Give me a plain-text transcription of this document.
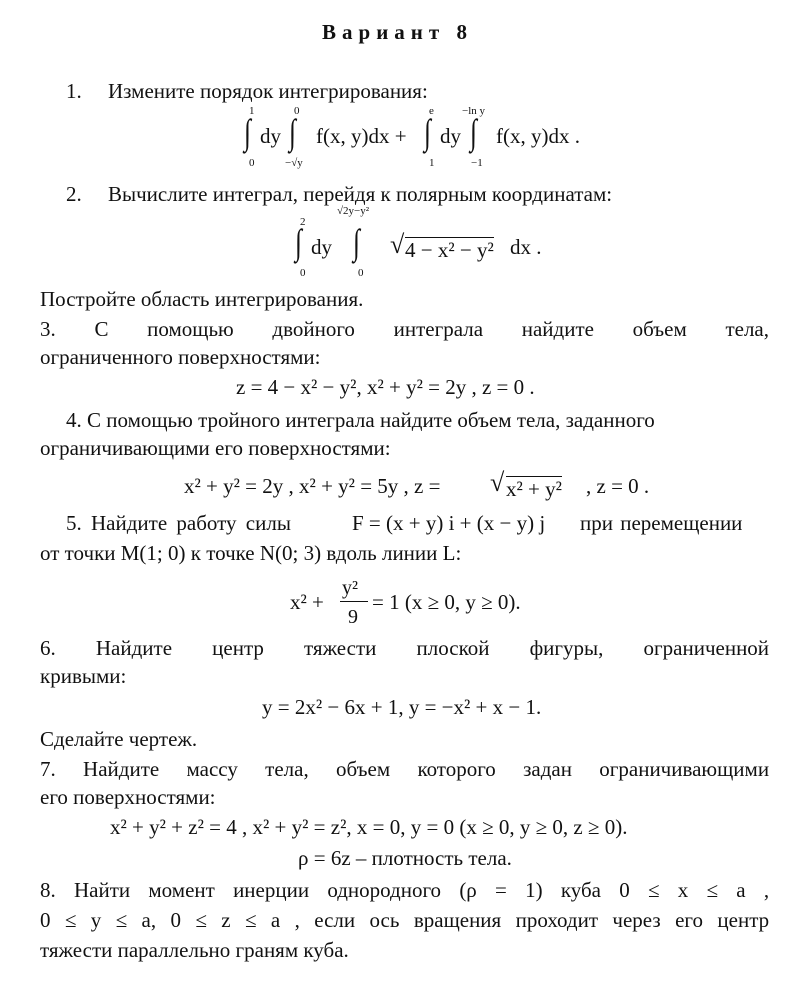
Вариант 8
1. Измените порядок интегрирования:
1
∫
0
dy
0
∫
−√y
f(x, y)dx +
e
∫
1
dy
−ln y
∫
−1
f(x, y)dx .
2. Вычислите интеграл, перейдя к полярным координатам:
2
∫
0
dy
√2y−y²
∫
0
√ 4 − x² − y² dx .
Постройте область интегрирования.
3. С помощью двойного интеграла найдите объем тела,
ограниченного поверхностями:
z = 4 − x² − y², x² + y² = 2y , z = 0 .
4. С помощью тройного интеграла найдите объем тела, заданного
ограничивающими его поверхностями:
x² + y² = 2y , x² + y² = 5y , z = √ x² + y² , z = 0 .
5. Найдите работу силы	F = (x + y) i + (x − y) j при перемещении
от точки M(1; 0) к точке N(0; 3) вдоль линии L:
x² +
y²
9
= 1 (x ≥ 0, y ≥ 0).
6. Найдите центр тяжести плоской фигуры, ограниченной
кривыми:
y = 2x² − 6x + 1, y = −x² + x − 1.
Сделайте чертеж.
7. Найдите массу тела, объем которого задан ограничивающими
его поверхностями:
x² + y² + z² = 4 , x² + y² = z², x = 0, y = 0 (x ≥ 0, y ≥ 0, z ≥ 0).
ρ = 6z – плотность тела.
8. Найти момент инерции однородного (ρ = 1) куба 0 ≤ x ≤ a ,
0 ≤ y ≤ a, 0 ≤ z ≤ a , если ось вращения проходит через его центр
тяжести параллельно граням куба.
